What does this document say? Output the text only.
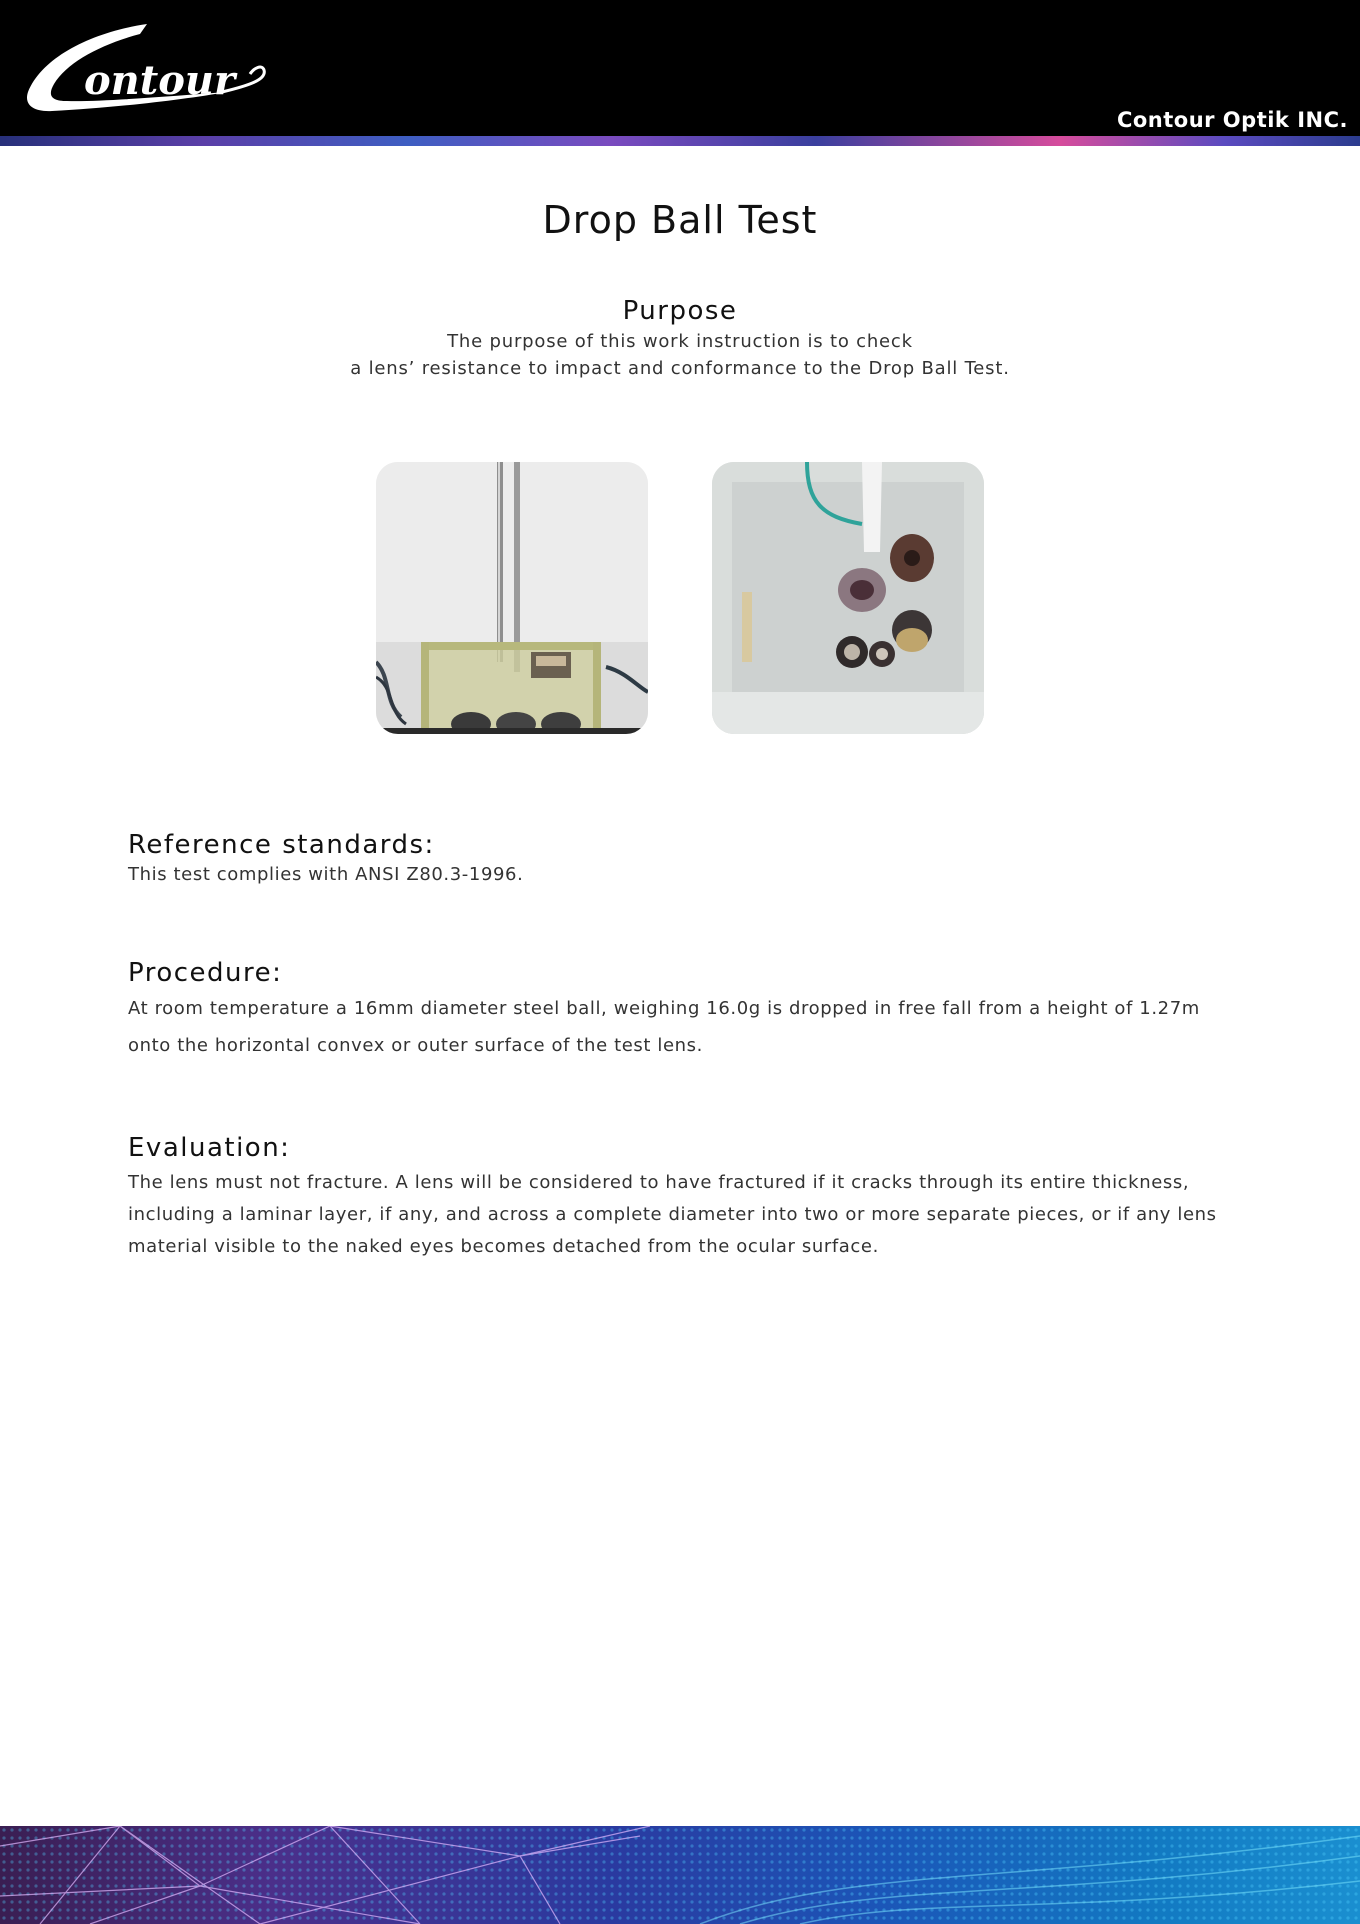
ontour
Contour Optik INC.
Drop Ball Test
Purpose
The purpose of this work instruction is to check
a lens’ resistance to impact and conformance to the Drop Ball Test.
Reference standards:
This test complies with ANSI Z80.3-1996.
Procedure:
At room temperature a 16mm diameter steel ball, weighing 16.0g is dropped in free fall from a height of 1.27m onto the horizontal convex or outer surface of the test lens.
Evaluation:
The lens must not fracture. A lens will be considered to have fractured if it cracks through its entire thickness, including a laminar layer, if any, and across a complete diameter into two or more separate pieces, or if any lens material visible to the naked eyes becomes detached from the ocular surface.
